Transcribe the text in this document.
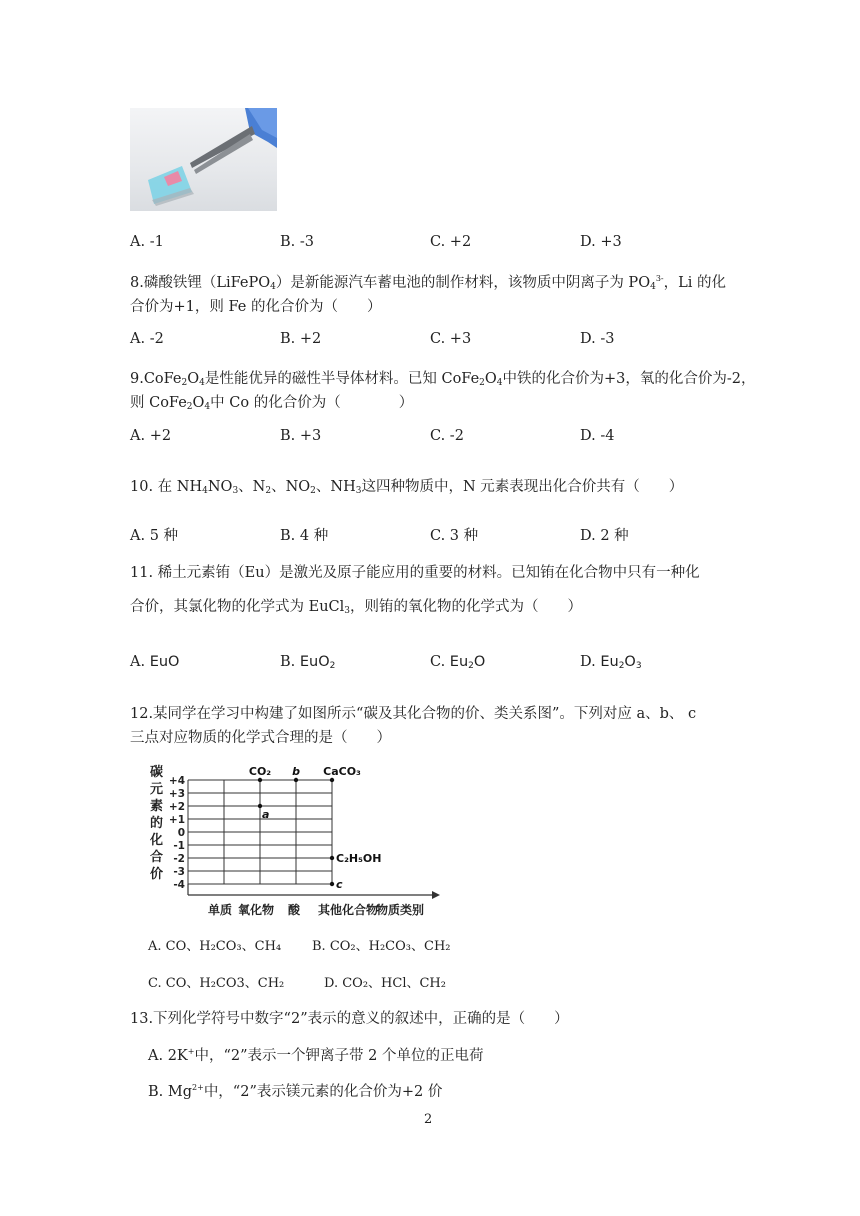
A. -1	B. -3	C. +2	D. +3
8.磷酸铁锂（LiFePO$_4$）是新能源汽车蓄电池的制作材料，该物质中阴离子为 $PO_4^{3-}$，Li 的化
合价为+1，则 Fe 的化合价为（　　）
A. -2	B. +2	C. +3	D. -3
$9.CoFe_2O_4$是性能优异的磁性半导体材料。已知 $CoFe_2O_4$中铁的化合价为+3，氧的化合价为-2，
则 $CoFe_2O_4$中 Co 的化合价为（　　　　）
A. +2	B. +3	C. -2	D. -4
10. 在 $NH_4NO_3$、$N_2$、$NO_2$、$NH_3$这四种物质中，N 元素表现出化合价共有（　　）
A. 5 种	B. 4 种	C. 3 种	D. 2 种
11. 稀土元素铕（Eu）是激光及原子能应用的重要的材料。已知铕在化合物中只有一种化
合价，其氯化物的化学式为 EuCl$_3$，则铕的氧化物的化学式为（　　）
A. EuO	B. EuO$_2$	C. $Eu_2O$	D. $Eu_2O_3$
12.某同学在学习中构建了如图所示“碳及其化合物的价、类关系图”。下列对应 a、b、 c
三点对应物质的化学式合理的是（　　）
碳
元
素
的
化
合
价
+4
+3
+2
+1
0
-1
-2
-3
-4
单质 氧化物 酸 其他化合物
物质类别
CO₂ b CaCO₃
a
C₂H₅OH
c
A. CO、H₂CO₃、CH₄ B. CO₂、H₂CO₃、CH₂
C. CO、H₂CO3、CH₂	D. CO₂、HCl、CH₂
13.下列化学符号中数字“2”表示的意义的叙述中，正确的是（　　）
A. 2K+中，“2”表示一个钾离子带 2 个单位的正电荷
B. $Mg^{2+}$中，“2”表示镁元素的化合价为+2 价
2
